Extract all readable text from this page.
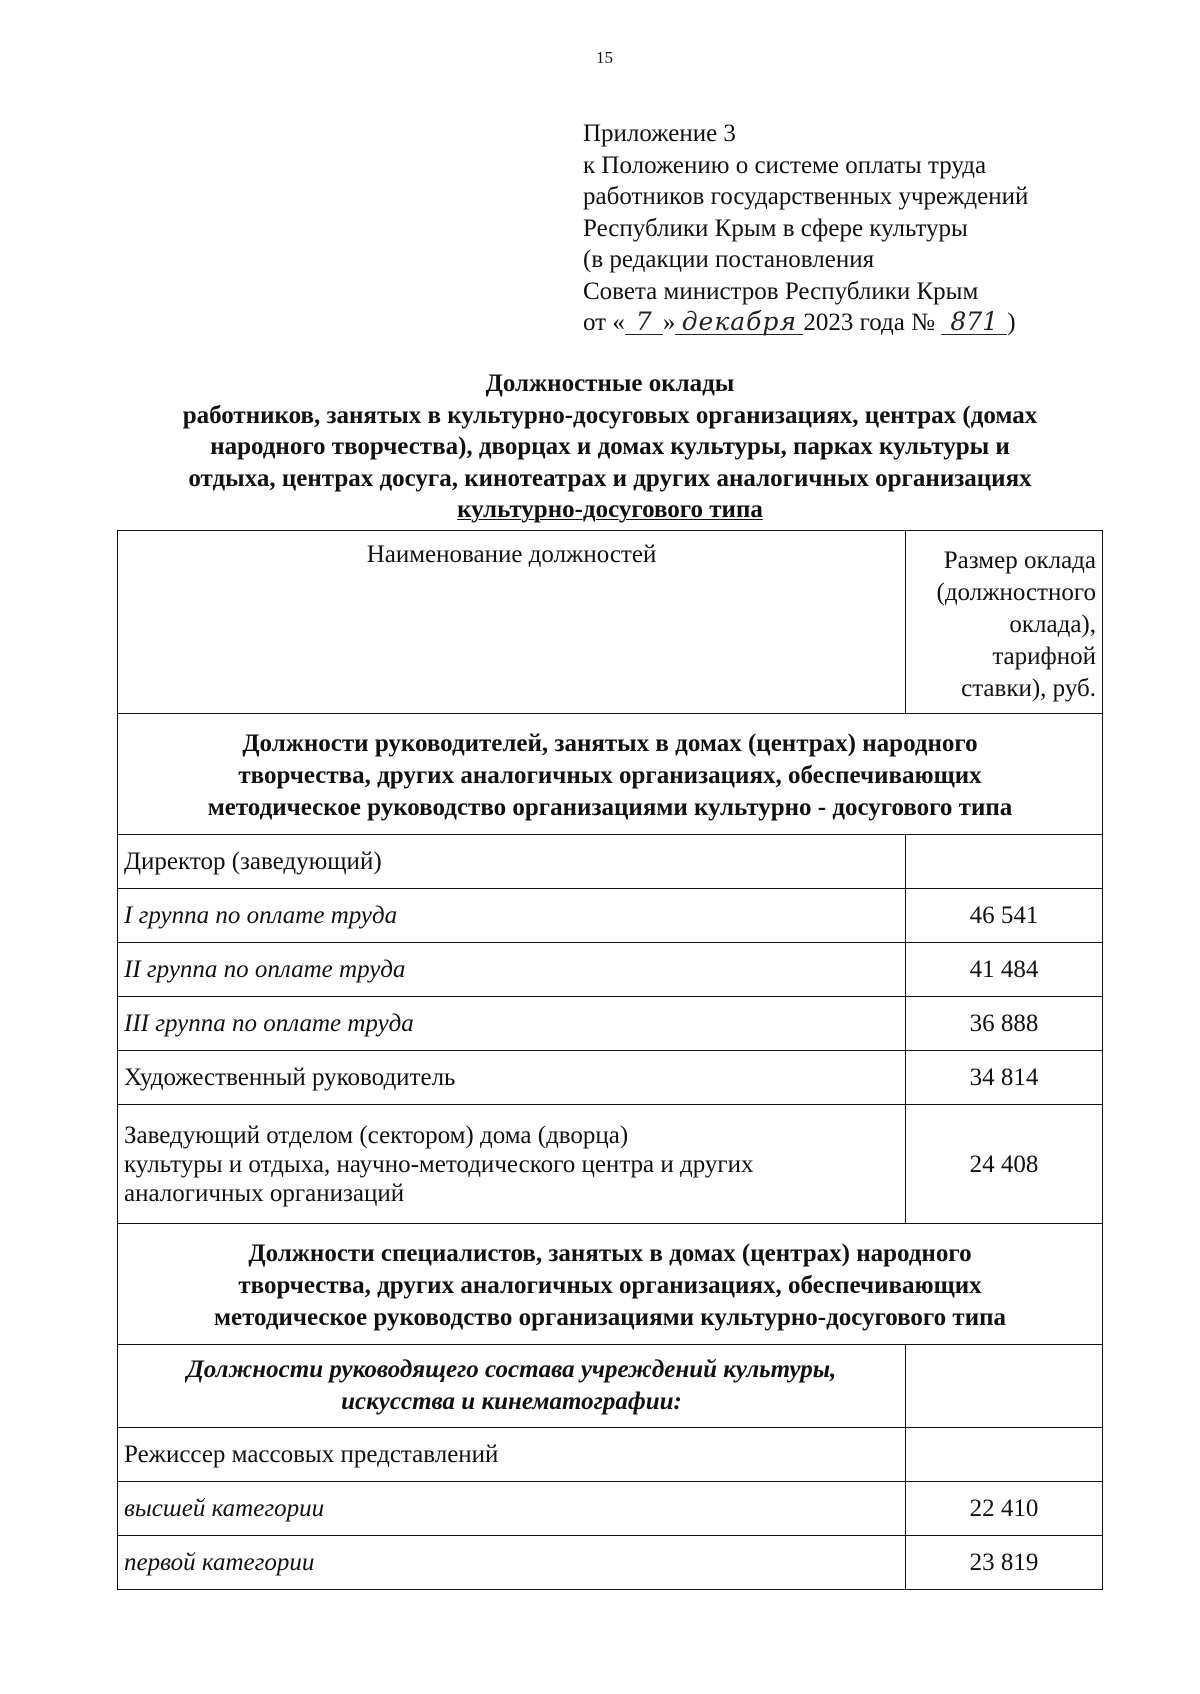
15
Приложение 3
к Положению о системе оплаты труда
работников государственных учреждений
Республики Крым в сфере культуры
(в редакции постановления
Совета министров Республики Крым
от « 7 » декабря 2023 года № 871 )
Должностные оклады
работников, занятых в культурно-досуговых организациях, центрах (домах
народного творчества), дворцах и домах культуры, парках культуры и
отдыха, центрах досуга, кинотеатрах и других аналогичных организациях
культурно-досугового типа
Наименование должностей	Размер оклада
(должностного
оклада),
тарифной
ставки), руб.

Должности руководителей, занятых в домах (центрах) народного
творчества, других аналогичных организациях, обеспечивающих
методическое руководство организациями культурно - досугового типа	

Директор (заведующий)	
I группа по оплате труда	46 541
II группа по оплате труда	41 484
III группа по оплате труда	36 888
Художественный руководитель	34 814

Заведующий отделом (сектором) дома (дворца)
культуры и отдыха, научно-методического центра и других
аналогичных организаций	24 408

Должности специалистов, занятых в домах (центрах) народного
творчества, других аналогичных организациях, обеспечивающих
методическое руководство организациями культурно-досугового типа	

Должности руководящего состава учреждений культуры,
искусства и кинематографии:	

Режиссер массовых представлений	
высшей категории	22 410
первой категории	23 819
